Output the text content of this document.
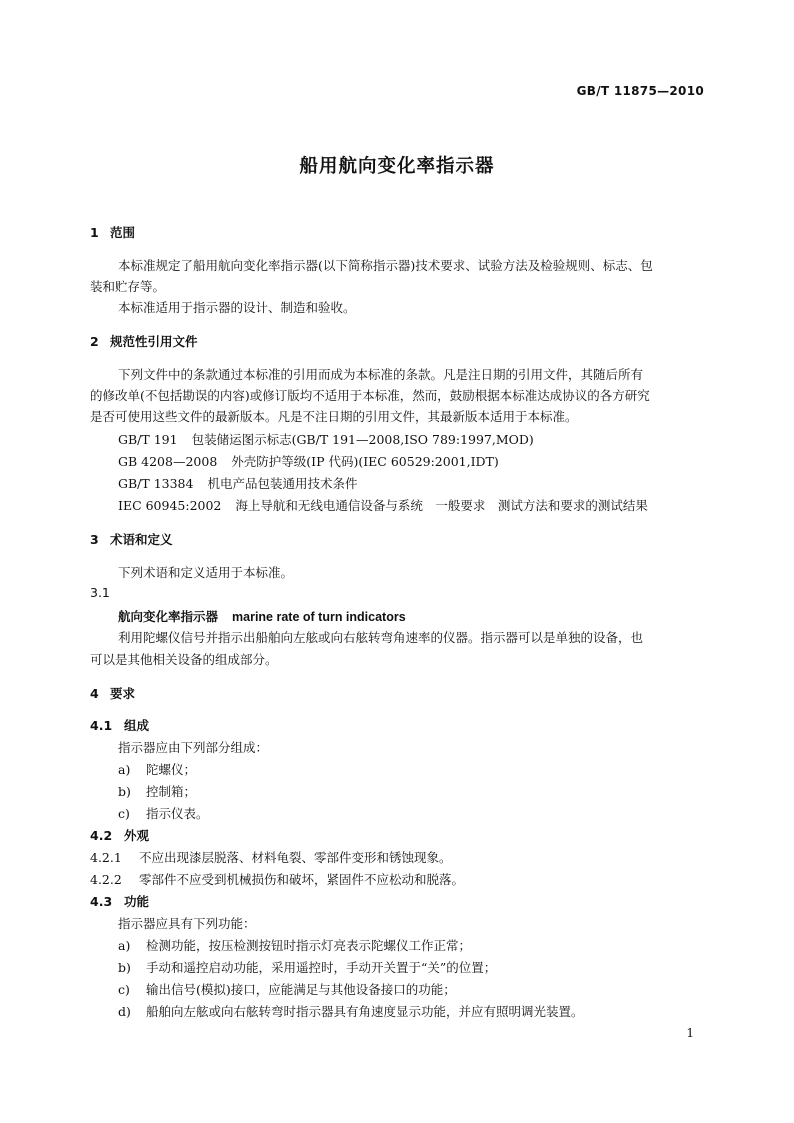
GB/T 11875—2010
船用航向变化率指示器
1 范围
本标准规定了船用航向变化率指示器(以下简称指示器)技术要求、试验方法及检验规则、标志、包
装和贮存等。
本标准适用于指示器的设计、制造和验收。
2 规范性引用文件
下列文件中的条款通过本标准的引用而成为本标准的条款。凡是注日期的引用文件，其随后所有
的修改单(不包括勘误的内容)或修订版均不适用于本标准，然而，鼓励根据本标准达成协议的各方研究
是否可使用这些文件的最新版本。凡是不注日期的引用文件，其最新版本适用于本标准。
GB/T 191 包装储运图示标志(GB/T 191—2008,ISO 789:1997,MOD)
GB 4208—2008 外壳防护等级(IP 代码)(IEC 60529:2001,IDT)
GB/T 13384 机电产品包装通用技术条件
IEC 60945:2002 海上导航和无线电通信设备与系统　一般要求　测试方法和要求的测试结果
3 术语和定义
下列术语和定义适用于本标准。
3.1
航向变化率指示器 marine rate of turn indicators
利用陀螺仪信号并指示出船舶向左舷或向右舷转弯角速率的仪器。指示器可以是单独的设备，也
可以是其他相关设备的组成部分。
4 要求
4.1 组成
指示器应由下列部分组成：
a) 陀螺仪；
b) 控制箱；
c) 指示仪表。
4.2 外观
4.2.1 不应出现漆层脱落、材料龟裂、零部件变形和锈蚀现象。
4.2.2 零部件不应受到机械损伤和破坏，紧固件不应松动和脱落。
4.3 功能
指示器应具有下列功能：
a) 检测功能，按压检测按钮时指示灯亮表示陀螺仪工作正常；
b) 手动和遥控启动功能，采用遥控时，手动开关置于“关”的位置；
c) 输出信号(模拟)接口，应能满足与其他设备接口的功能；
d) 船舶向左舷或向右舷转弯时指示器具有角速度显示功能，并应有照明调光装置。
1
